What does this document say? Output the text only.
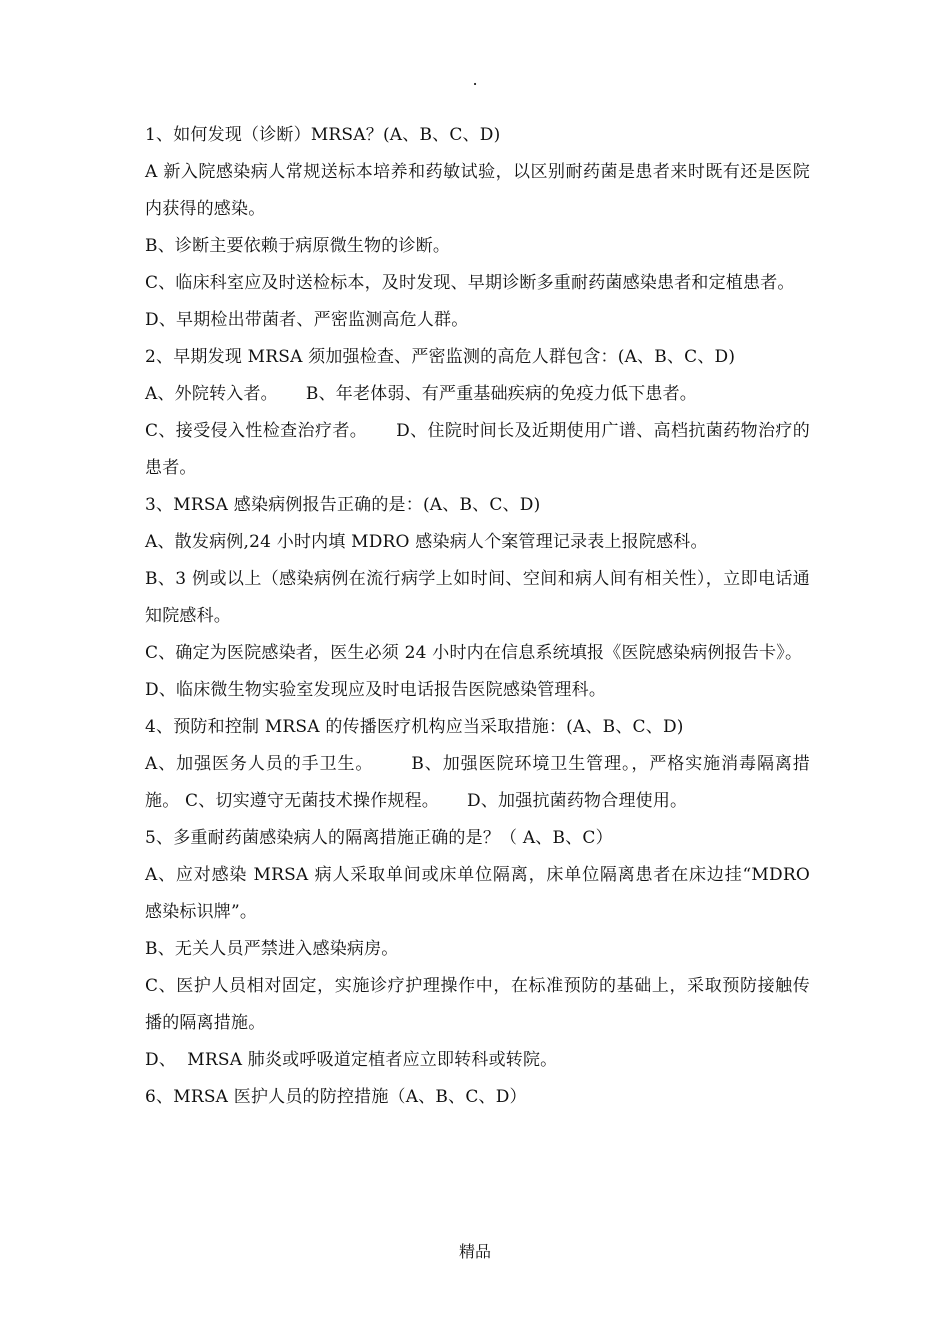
.

1、如何发现（诊断）MRSA？(A、B、C、D)

A 新入院感染病人常规送标本培养和药敏试验，以区别耐药菌是患者来时既有还是医院内获得的感染。

B、诊断主要依赖于病原微生物的诊断。

C、临床科室应及时送检标本，及时发现、早期诊断多重耐药菌感染患者和定植患者。

D、早期检出带菌者、严密监测高危人群。

2、早期发现 MRSA 须加强检查、严密监测的高危人群包含：(A、B、C、D)

A、外院转入者。     B、年老体弱、有严重基础疾病的免疫力低下患者。

C、接受侵入性检查治疗者。     D、住院时间长及近期使用广谱、高档抗菌药物治疗的患者。

3、MRSA 感染病例报告正确的是：(A、B、C、D)

A、散发病例,24 小时内填 MDRO 感染病人个案管理记录表上报院感科。

B、3 例或以上（感染病例在流行病学上如时间、空间和病人间有相关性），立即电话通知院感科。

C、确定为医院感染者，医生必须 24 小时内在信息系统填报《医院感染病例报告卡》。

D、临床微生物实验室发现应及时电话报告医院感染管理科。

4、预防和控制 MRSA 的传播医疗机构应当采取措施：(A、B、C、D)

A、加强医务人员的手卫生。      B、加强医院环境卫生管理。，严格实施消毒隔离措施。 C、切实遵守无菌技术操作规程。     D、加强抗菌药物合理使用。

5、多重耐药菌感染病人的隔离措施正确的是？（ A、B、C）

A、应对感染 MRSA 病人采取单间或床单位隔离，床单位隔离患者在床边挂“MDRO 感染标识牌”。

B、无关人员严禁进入感染病房。

C、医护人员相对固定，实施诊疗护理操作中，在标准预防的基础上，采取预防接触传播的隔离措施。

D、  MRSA 肺炎或呼吸道定植者应立即转科或转院。

6、MRSA 医护人员的防控措施（A、B、C、D）

精品
